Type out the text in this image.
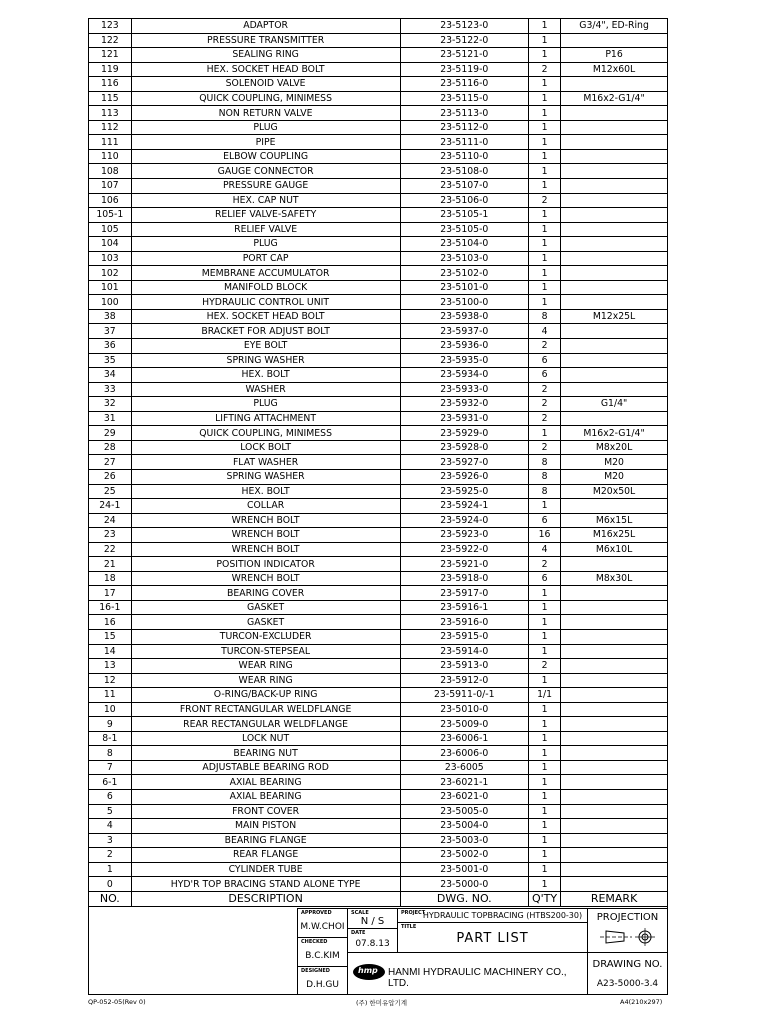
123	ADAPTOR	23-5123-0	1	G3/4", ED-Ring
122	PRESSURE TRANSMITTER	23-5122-0	1	
121	SEALING RING	23-5121-0	1	P16
119	HEX. SOCKET HEAD BOLT	23-5119-0	2	M12x60L
116	SOLENOID VALVE	23-5116-0	1	
115	QUICK COUPLING, MINIMESS	23-5115-0	1	M16x2-G1/4"
113	NON RETURN VALVE	23-5113-0	1	
112	PLUG	23-5112-0	1	
111	PIPE	23-5111-0	1	
110	ELBOW COUPLING	23-5110-0	1	
108	GAUGE CONNECTOR	23-5108-0	1	
107	PRESSURE GAUGE	23-5107-0	1	
106	HEX. CAP NUT	23-5106-0	2	
105-1	RELIEF VALVE-SAFETY	23-5105-1	1	
105	RELIEF VALVE	23-5105-0	1	
104	PLUG	23-5104-0	1	
103	PORT CAP	23-5103-0	1	
102	MEMBRANE ACCUMULATOR	23-5102-0	1	
101	MANIFOLD BLOCK	23-5101-0	1	
100	HYDRAULIC CONTROL UNIT	23-5100-0	1	
38	HEX. SOCKET HEAD BOLT	23-5938-0	8	M12x25L
37	BRACKET FOR ADJUST BOLT	23-5937-0	4	
36	EYE BOLT	23-5936-0	2	
35	SPRING WASHER	23-5935-0	6	
34	HEX. BOLT	23-5934-0	6	
33	WASHER	23-5933-0	2	
32	PLUG	23-5932-0	2	G1/4"
31	LIFTING ATTACHMENT	23-5931-0	2	
29	QUICK COUPLING, MINIMESS	23-5929-0	1	M16x2-G1/4"
28	LOCK BOLT	23-5928-0	2	M8x20L
27	FLAT WASHER	23-5927-0	8	M20
26	SPRING WASHER	23-5926-0	8	M20
25	HEX. BOLT	23-5925-0	8	M20x50L
24-1	COLLAR	23-5924-1	1	
24	WRENCH BOLT	23-5924-0	6	M6x15L
23	WRENCH BOLT	23-5923-0	16	M16x25L
22	WRENCH BOLT	23-5922-0	4	M6x10L
21	POSITION INDICATOR	23-5921-0	2	
18	WRENCH BOLT	23-5918-0	6	M8x30L
17	BEARING COVER	23-5917-0	1	
16-1	GASKET	23-5916-1	1	
16	GASKET	23-5916-0	1	
15	TURCON-EXCLUDER	23-5915-0	1	
14	TURCON-STEPSEAL	23-5914-0	1	
13	WEAR RING	23-5913-0	2	
12	WEAR RING	23-5912-0	1	
11	O-RING/BACK-UP RING	23-5911-0/-1	1/1	
10	FRONT RECTANGULAR WELDFLANGE	23-5010-0	1	
9	REAR RECTANGULAR WELDFLANGE	23-5009-0	1	
8-1	LOCK NUT	23-6006-1	1	
8	BEARING NUT	23-6006-0	1	
7	ADJUSTABLE BEARING ROD	23-6005	1	
6-1	AXIAL BEARING	23-6021-1	1	
6	AXIAL BEARING	23-6021-0	1	
5	FRONT COVER	23-5005-0	1	
4	MAIN PISTON	23-5004-0	1	
3	BEARING FLANGE	23-5003-0	1	
2	REAR FLANGE	23-5002-0	1	
1	CYLINDER TUBE	23-5001-0	1	
0	HYD'R TOP BRACING STAND ALONE TYPE	23-5000-0	1	
NO.	DESCRIPTION	DWG. NO.	Q'TY	REMARK
APPROVED
M.W.CHOI
CHECKED
B.C.KIM
DESIGNED
D.H.GU
SCALE
N / S
DATE
07.8.13
PROJECT
HYDRAULIC TOPBRACING (HTBS200-30)
TITLE
PART LIST
hmp HANMI HYDRAULIC MACHINERY CO., LTD.
PROJECTION
DRAWING NO.
A23-5000-3.4
QP-052-05(Rev 0)	(주) 한미유압기계	A4(210x297)
